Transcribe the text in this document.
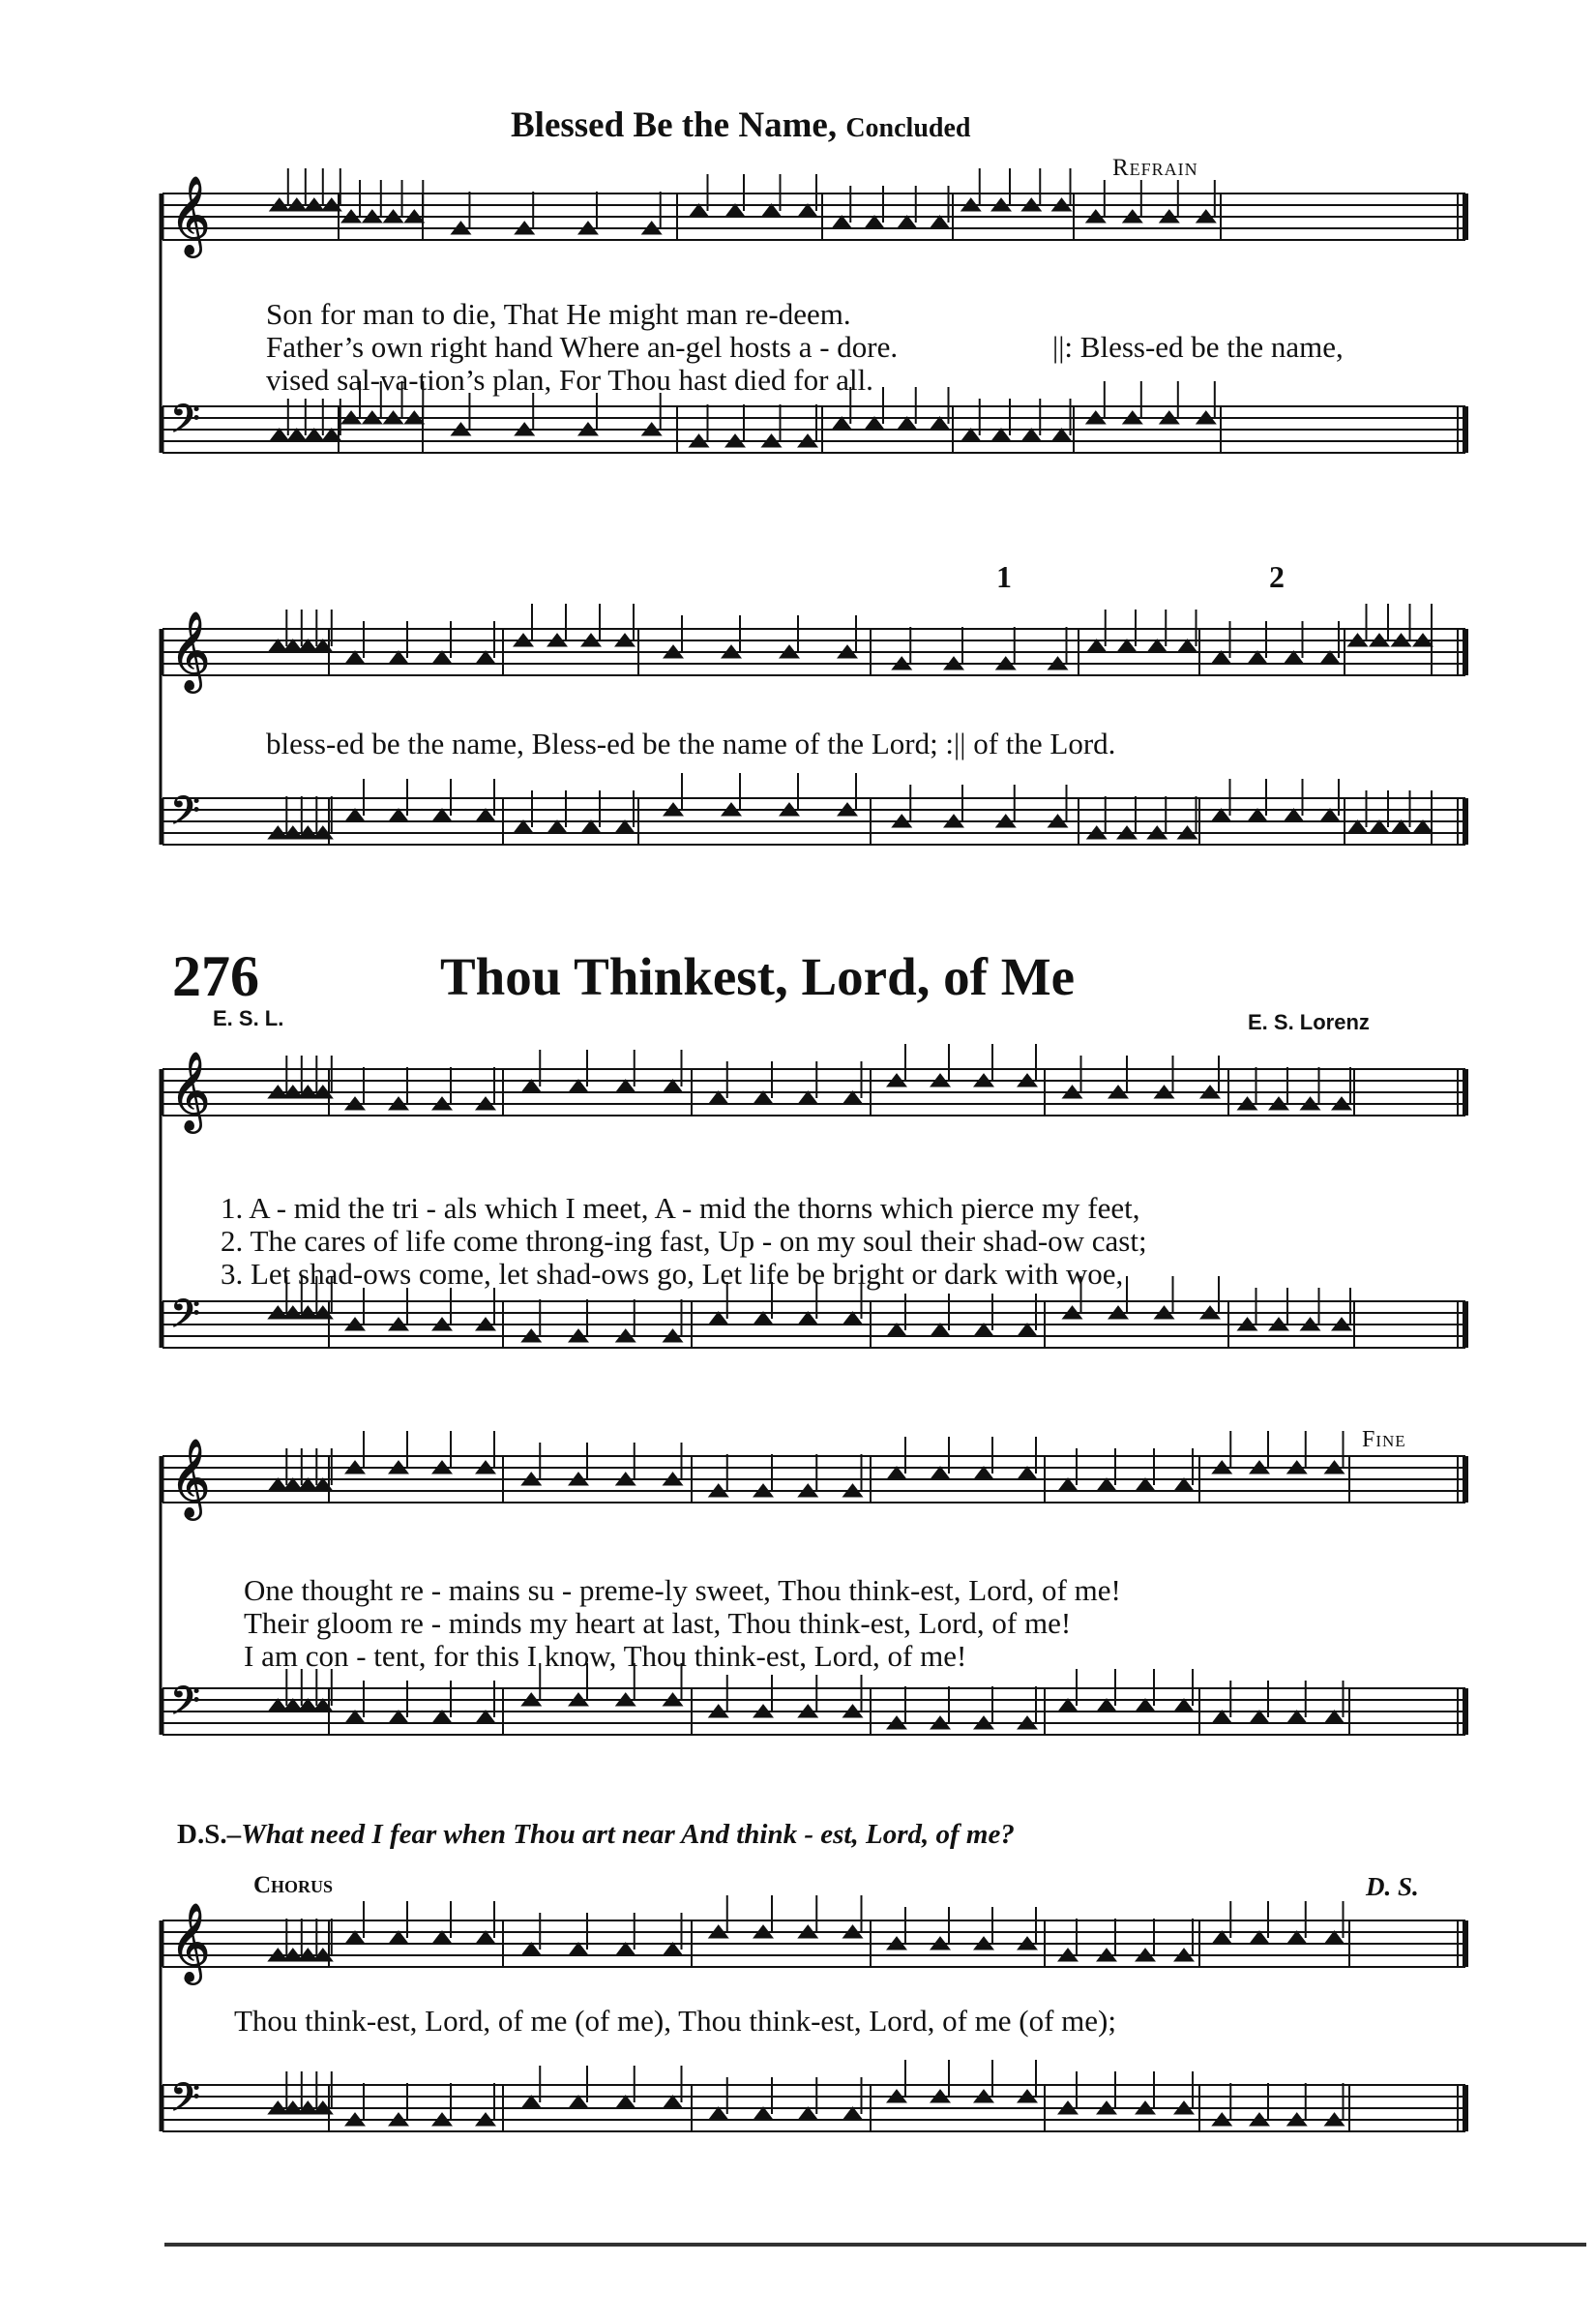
Blessed Be the Name, Concluded
Refrain
𝄞
𝄢
𝄞
𝄢
𝄞
𝄢
𝄞
𝄢
𝄞
𝄢
Son for man to die, That He might man re-deem.
Father’s own right hand Where an-gel hosts a - dore.
vised sal-va-tion’s plan, For Thou hast died for all.
||: Bless-ed be the name,
1	2
bless-ed be the name, Bless-ed be the name of the Lord; :|| of the Lord.
276	Thou Thinkest, Lord, of Me
E. S. L.	E. S. Lorenz
1. A - mid the tri - als which I meet, A - mid the thorns which pierce my feet,
2. The cares of life come throng-ing fast, Up - on my soul their shad-ow cast;
3. Let shad-ows come, let shad-ows go, Let life be bright or dark with woe,
Fine
One thought re - mains su - preme-ly sweet, Thou think-est, Lord, of me!
Their gloom re - minds my heart at last, Thou think-est, Lord, of me!
I am con - tent, for this I know, Thou think-est, Lord, of me!
D.S.–What need I fear when Thou art near And think - est, Lord, of me?
Chorus	D. S.
Thou think-est, Lord, of me (of me), Thou think-est, Lord, of me (of me);
